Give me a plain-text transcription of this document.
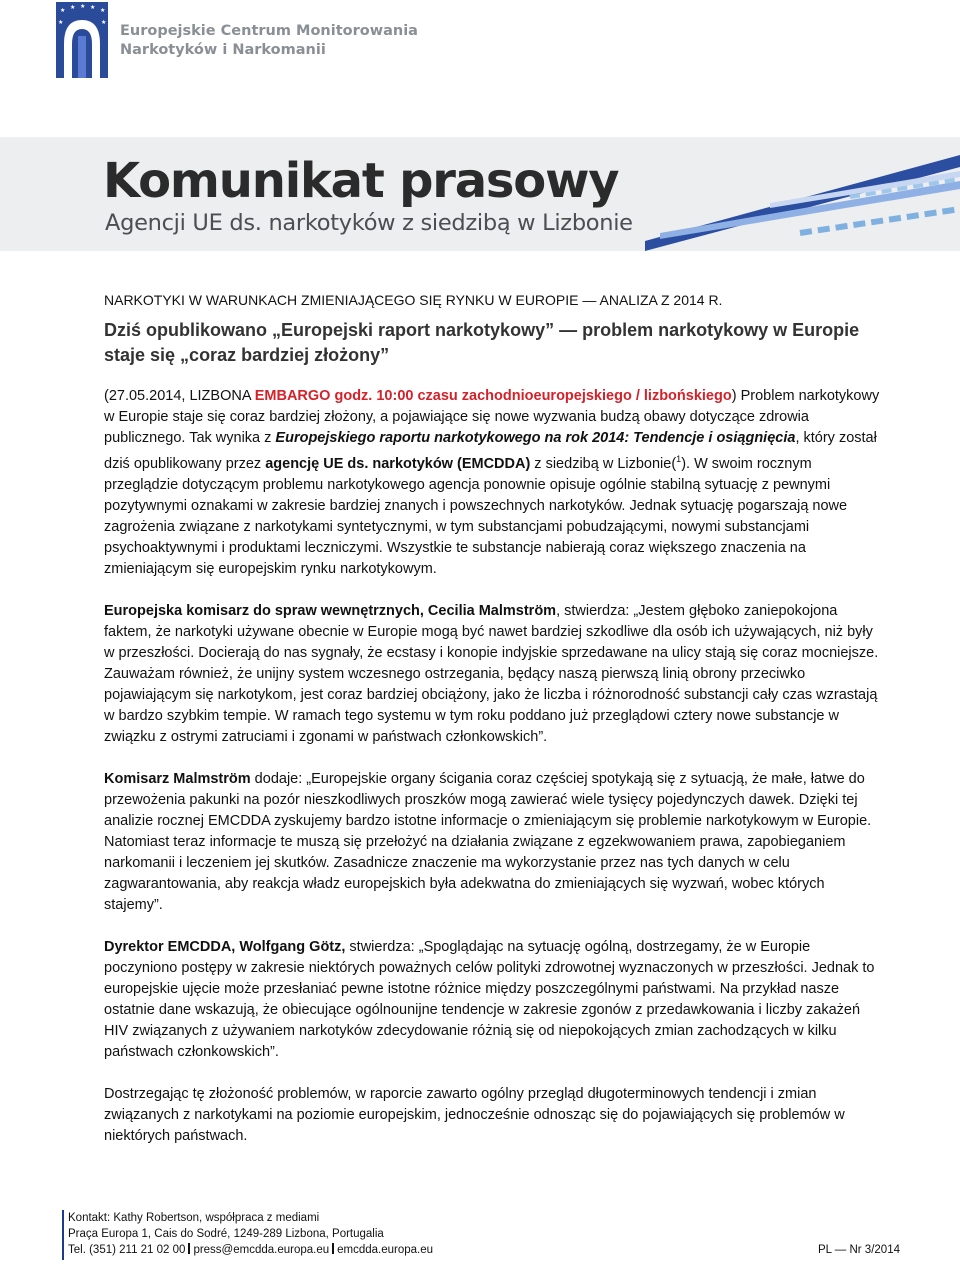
★ ★ ★ ★ ★
★	★
Europejskie Centrum Monitorowania
Narkotyków i Narkomanii
Komunikat prasowy
Agencji UE ds. narkotyków z siedzibą w Lizbonie

NARKOTYKI W WARUNKACH ZMIENIAJĄCEGO SIĘ RYNKU W EUROPIE — ANALIZA Z 2014 R.

Dziś opublikowano „Europejski raport narkotykowy” — problem narkotykowy w Europie staje się „coraz bardziej złożony”

(27.05.2014, LIZBONA EMBARGO godz. 10:00 czasu zachodnioeuropejskiego / lizbońskiego) Problem narkotykowy w Europie staje się coraz bardziej złożony, a pojawiające się nowe wyzwania budzą obawy dotyczące zdrowia publicznego. Tak wynika z Europejskiego raportu narkotykowego na rok 2014: Tendencje i osiągnięcia, który został dziś opublikowany przez agencję UE ds. narkotyków (EMCDDA) z siedzibą w Lizbonie($^1$). W swoim rocznym przeglądzie dotyczącym problemu narkotykowego agencja ponownie opisuje ogólnie stabilną sytuację z pewnymi pozytywnymi oznakami w zakresie bardziej znanych i powszechnych narkotyków. Jednak sytuację pogarszają nowe zagrożenia związane z narkotykami syntetycznymi, w tym substancjami pobudzającymi, nowymi substancjami psychoaktywnymi i produktami leczniczymi. Wszystkie te substancje nabierają coraz większego znaczenia na zmieniającym się europejskim rynku narkotykowym.

Europejska komisarz do spraw wewnętrznych, Cecilia Malmström, stwierdza: „Jestem głęboko zaniepokojona faktem, że narkotyki używane obecnie w Europie mogą być nawet bardziej szkodliwe dla osób ich używających, niż były w przeszłości. Docierają do nas sygnały, że ecstasy i konopie indyjskie sprzedawane na ulicy stają się coraz mocniejsze. Zauważam również, że unijny system wczesnego ostrzegania, będący naszą pierwszą linią obrony przeciwko pojawiającym się narkotykom, jest coraz bardziej obciążony, jako że liczba i różnorodność substancji cały czas wzrastają w bardzo szybkim tempie. W ramach tego systemu w tym roku poddano już przeglądowi cztery nowe substancje w związku z ostrymi zatruciami i zgonami w państwach członkowskich”.

Komisarz Malmström dodaje: „Europejskie organy ścigania coraz częściej spotykają się z sytuacją, że małe, łatwe do przewożenia pakunki na pozór nieszkodliwych proszków mogą zawierać wiele tysięcy pojedynczych dawek. Dzięki tej analizie rocznej EMCDDA zyskujemy bardzo istotne informacje o zmieniającym się problemie narkotykowym w Europie. Natomiast teraz informacje te muszą się przełożyć na działania związane z egzekwowaniem prawa, zapobieganiem narkomanii i leczeniem jej skutków. Zasadnicze znaczenie ma wykorzystanie przez nas tych danych w celu zagwarantowania, aby reakcja władz europejskich była adekwatna do zmieniających się wyzwań, wobec których stajemy”.

Dyrektor EMCDDA, Wolfgang Götz, stwierdza: „Spoglądając na sytuację ogólną, dostrzegamy, że w Europie poczyniono postępy w zakresie niektórych poważnych celów polityki zdrowotnej wyznaczonych w przeszłości. Jednak to europejskie ujęcie może przesłaniać pewne istotne różnice między poszczególnymi państwami. Na przykład nasze ostatnie dane wskazują, że obiecujące ogólnounijne tendencje w zakresie zgonów z przedawkowania i liczby zakażeń HIV związanych z używaniem narkotyków zdecydowanie różnią się od niepokojących zmian zachodzących w kilku państwach członkowskich”.

Dostrzegając tę złożoność problemów, w raporcie zawarto ogólny przegląd długoterminowych tendencji i zmian związanych z narkotykami na poziomie europejskim, jednocześnie odnosząc się do pojawiających się problemów w niektórych państwach.

Kontakt: Kathy Robertson, współpraca z mediami
Praça Europa 1, Cais do Sodré, 1249-289 Lizbona, Portugalia
Tel. (351) 211 21 02 00 press@emcdda.europa.eu emcdda.europa.eu	PL — Nr 3/2014
